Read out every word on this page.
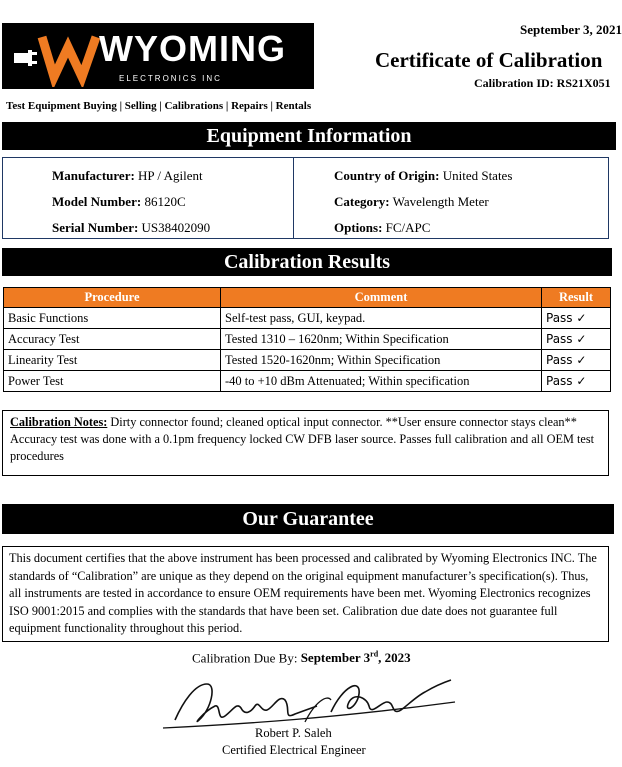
WYOMING
ELECTRONICS INC
September 3, 2021
Certificate of Calibration
Calibration ID: RS21X051
Test Equipment Buying | Selling | Calibrations | Repairs | Rentals
Equipment Information
Manufacturer: HP / Agilent
Model Number: 86120C
Serial Number: US38402090
Country of Origin: United States
Category: Wavelength Meter
Options: FC/APC
Calibration Results
Procedure	Comment	Result
Basic Functions	Self-test pass, GUI, keypad.	Pass ✓
Accuracy Test	Tested 1310 – 1620nm; Within Specification	Pass ✓
Linearity Test	Tested 1520-1620nm; Within Specification	Pass ✓
Power Test	-40 to +10 dBm Attenuated; Within specification	Pass ✓
Calibration Notes: Dirty connector found; cleaned optical input connector. **User ensure connector stays clean** Accuracy test was done with a 0.1pm frequency locked CW DFB laser source. Passes full calibration and all OEM test procedures
Our Guarantee
This document certifies that the above instrument has been processed and calibrated by Wyoming Electronics INC. The standards of “Calibration” are unique as they depend on the original equipment manufacturer’s specification(s). Thus, all instruments are tested in accordance to ensure OEM requirements have been met. Wyoming Electronics recognizes ISO 9001:2015 and complies with the standards that have been set. Calibration due date does not guarantee full equipment functionality throughout this period.
Calibration Due By: September 3rd, 2023
Robert P. Saleh
Certified Electrical Engineer
